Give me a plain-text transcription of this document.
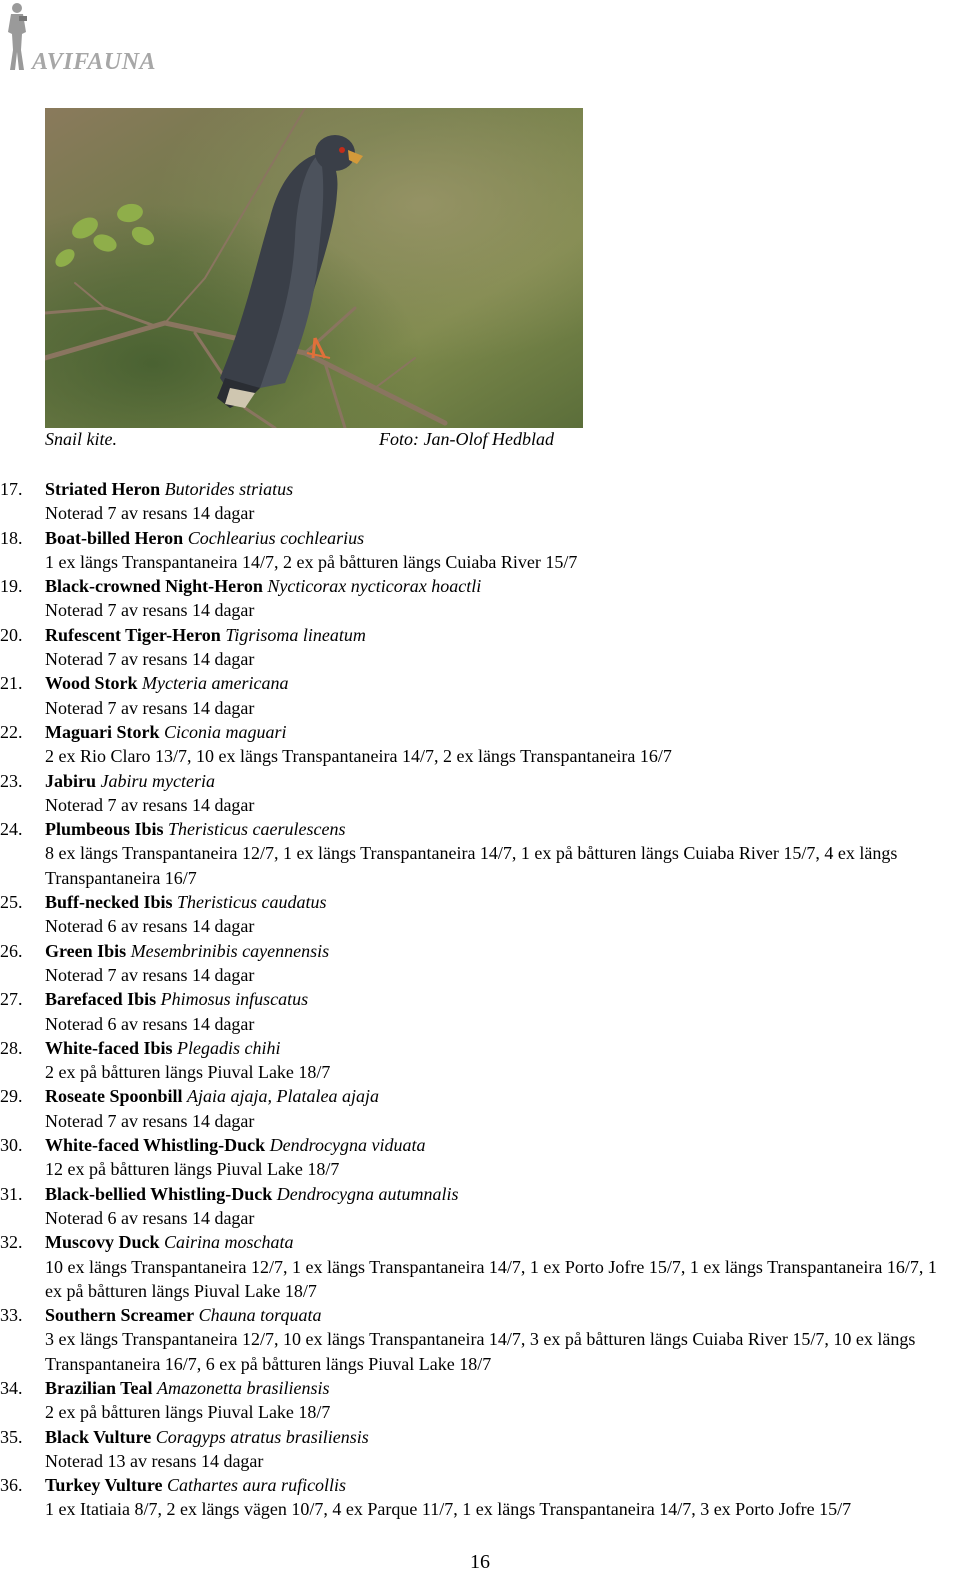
AVIFAUNA
Snail kite.	Foto: Jan-Olof Hedblad
17. Striated Heron Butorides striatus
Noterad 7 av resans 14 dagar
18. Boat-billed Heron Cochlearius cochlearius
1 ex längs Transpantaneira 14/7, 2 ex på båtturen längs Cuiaba River 15/7
19. Black-crowned Night-Heron Nycticorax nycticorax hoactli
Noterad 7 av resans 14 dagar
20. Rufescent Tiger-Heron Tigrisoma lineatum
Noterad 7 av resans 14 dagar
21. Wood Stork Mycteria americana
Noterad 7 av resans 14 dagar
22. Maguari Stork Ciconia maguari
2 ex Rio Claro 13/7, 10 ex längs Transpantaneira 14/7, 2 ex längs Transpantaneira 16/7
23. Jabiru Jabiru mycteria
Noterad 7 av resans 14 dagar
24. Plumbeous Ibis Theristicus caerulescens
8 ex längs Transpantaneira 12/7, 1 ex längs Transpantaneira 14/7, 1 ex på båtturen längs Cuiaba River 15/7, 4 ex längs Transpantaneira 16/7
25. Buff-necked Ibis Theristicus caudatus
Noterad 6 av resans 14 dagar
26. Green Ibis Mesembrinibis cayennensis
Noterad 7 av resans 14 dagar
27. Barefaced Ibis Phimosus infuscatus
Noterad 6 av resans 14 dagar
28. White-faced Ibis Plegadis chihi
2 ex på båtturen längs Piuval Lake 18/7
29. Roseate Spoonbill Ajaia ajaja, Platalea ajaja
Noterad 7 av resans 14 dagar
30. White-faced Whistling-Duck Dendrocygna viduata
12 ex på båtturen längs Piuval Lake 18/7
31. Black-bellied Whistling-Duck Dendrocygna autumnalis
Noterad 6 av resans 14 dagar
32. Muscovy Duck Cairina moschata
10 ex längs Transpantaneira 12/7, 1 ex längs Transpantaneira 14/7, 1 ex Porto Jofre 15/7, 1 ex längs Transpantaneira 16/7, 1 ex på båtturen längs Piuval Lake 18/7
33. Southern Screamer Chauna torquata
3 ex längs Transpantaneira 12/7, 10 ex längs Transpantaneira 14/7, 3 ex på båtturen längs Cuiaba River 15/7, 10 ex längs Transpantaneira 16/7, 6 ex på båtturen längs Piuval Lake 18/7
34. Brazilian Teal Amazonetta brasiliensis
2 ex på båtturen längs Piuval Lake 18/7
35. Black Vulture Coragyps atratus brasiliensis
Noterad 13 av resans 14 dagar
36. Turkey Vulture Cathartes aura ruficollis
1 ex Itatiaia 8/7, 2 ex längs vägen 10/7, 4 ex Parque 11/7, 1 ex längs Transpantaneira 14/7, 3 ex Porto Jofre 15/7
16
